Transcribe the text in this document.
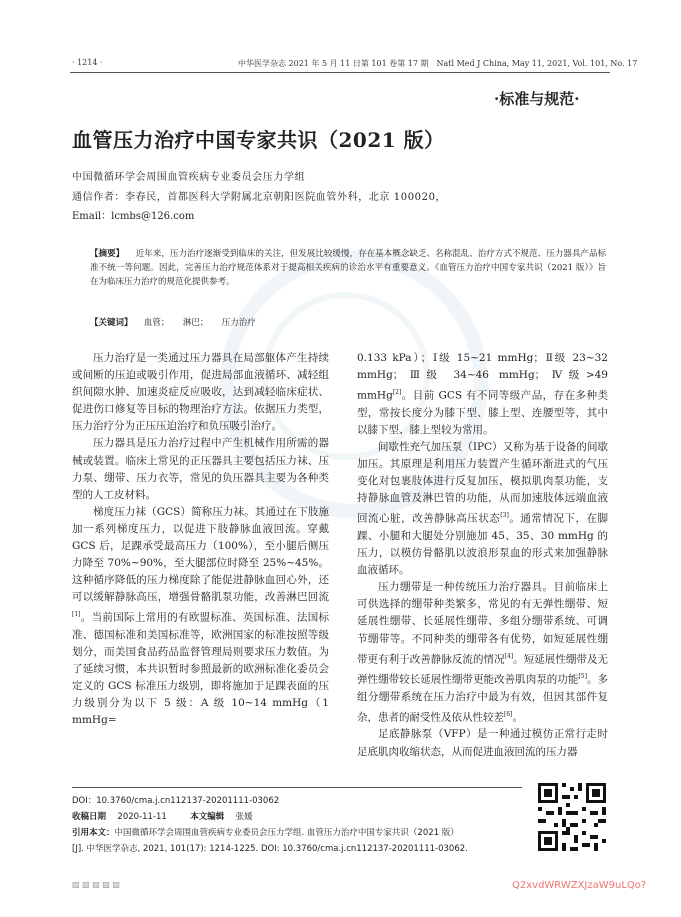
· 1214 ·	中华医学杂志 2021 年 5 月 11 日第 101 卷第 17 期　Natl Med J China, May 11, 2021, Vol. 101, No. 17
·标准与规范·
血管压力治疗中国专家共识（2021 版）
中国微循环学会周围血管疾病专业委员会压力学组
通信作者：李春民，首都医科大学附属北京朝阳医院血管外科，北京 100020，
Email：lcmbs@126.com
【摘要】 近年来，压力治疗逐渐受到临床的关注，但发展比较缓慢，存在基本概念缺乏、名称混乱、治疗方式不规范、压力器具产品标准不统一等问题。因此，完善压力治疗规范体系对于提高相关疾病的诊治水平有重要意义。《血管压力治疗中国专家共识（2021 版）》旨在为临床压力治疗的规范化提供参考。
【关键词】 血管； 淋巴； 压力治疗

压力治疗是一类通过压力器具在局部躯体产生持续或间断的压迫或吸引作用，促进局部血液循环、减轻组织间隙水肿、加速炎症反应吸收，达到减轻临床症状、促进伤口修复等目标的物理治疗方法。依据压力类型，压力治疗分为正压压迫治疗和负压吸引治疗。

压力器具是压力治疗过程中产生机械作用所需的器械或装置。临床上常见的正压器具主要包括压力袜、压力泵、绷带、压力衣等，常见的负压器具主要为各种类型的人工皮材料。

梯度压力袜（GCS）简称压力袜。其通过在下肢施加一系列梯度压力，以促进下肢静脉血液回流。穿戴 GCS 后，足踝承受最高压力（100%），至小腿后侧压力降至 70%~90%，至大腿部位时降至 25%~45%。这种循序降低的压力梯度除了能促进静脉血回心外，还可以缓解静脉高压，增强骨骼肌泵功能，改善淋巴回流[1]。当前国际上常用的有欧盟标准、英国标准、法国标准、德国标准和美国标准等，欧洲国家的标准按照等级划分，而美国食品药品监督管理局则要求压力数值。为了延续习惯，本共识暂时参照最新的欧洲标准化委员会定义的 GCS 标准压力级别，即将施加于足踝表面的压力级别分为以下 5 级：A 级 10~14 mmHg（1 mmHg=

0.133 kPa）；Ⅰ级 15~21 mmHg；Ⅱ级 23~32 mmHg；Ⅲ级 34~46 mmHg；Ⅳ级>49 mmHg[2]。目前 GCS 有不同等级产品，存在多种类型，常按长度分为膝下型、膝上型、连腰型等，其中以膝下型、膝上型较为常用。

间歇性充气加压泵（IPC）又称为基于设备的间歇加压。其原理是利用压力装置产生循环渐进式的气压变化对包裹肢体进行反复加压，模拟肌肉泵功能，支持静脉血管及淋巴管的功能，从而加速肢体远端血液回流心脏，改善静脉高压状态[3]。通常情况下，在脚踝、小腿和大腿处分别施加 45、35、30 mmHg 的压力，以模仿骨骼肌以波浪形泵血的形式来加强静脉血液循环。

压力绷带是一种传统压力治疗器具。目前临床上可供选择的绷带种类繁多，常见的有无弹性绷带、短延展性绷带、长延展性绷带、多组分绷带系统、可调节绷带等。不同种类的绷带各有优势，如短延展性绷带更有利于改善静脉反流的情况[4]。短延展性绷带及无弹性绷带较长延展性绷带更能改善肌肉泵的功能[5]。多组分绷带系统在压力治疗中最为有效，但因其部件复杂，患者的耐受性及依从性较差[6]。

足底静脉泵（VFP）是一种通过模仿正常行走时足底肌肉收缩状态，从而促进血液回流的压力器

DOI：10.3760/cma.j.cn112137-20201111-03062
收稿日期 2020-11-11	本文编辑 张媛
引用本文：中国微循环学会周围血管疾病专业委员会压力学组. 血管压力治疗中国专家共识（2021 版）
[J]. 中华医学杂志, 2021, 101(17): 1214-1225. DOI: 10.3760/cma.j.cn112137-20201111-03062.
▨ ▨ ▨ ▨ ▨	Q2xvdWRWZXJzaW9uLQo?
